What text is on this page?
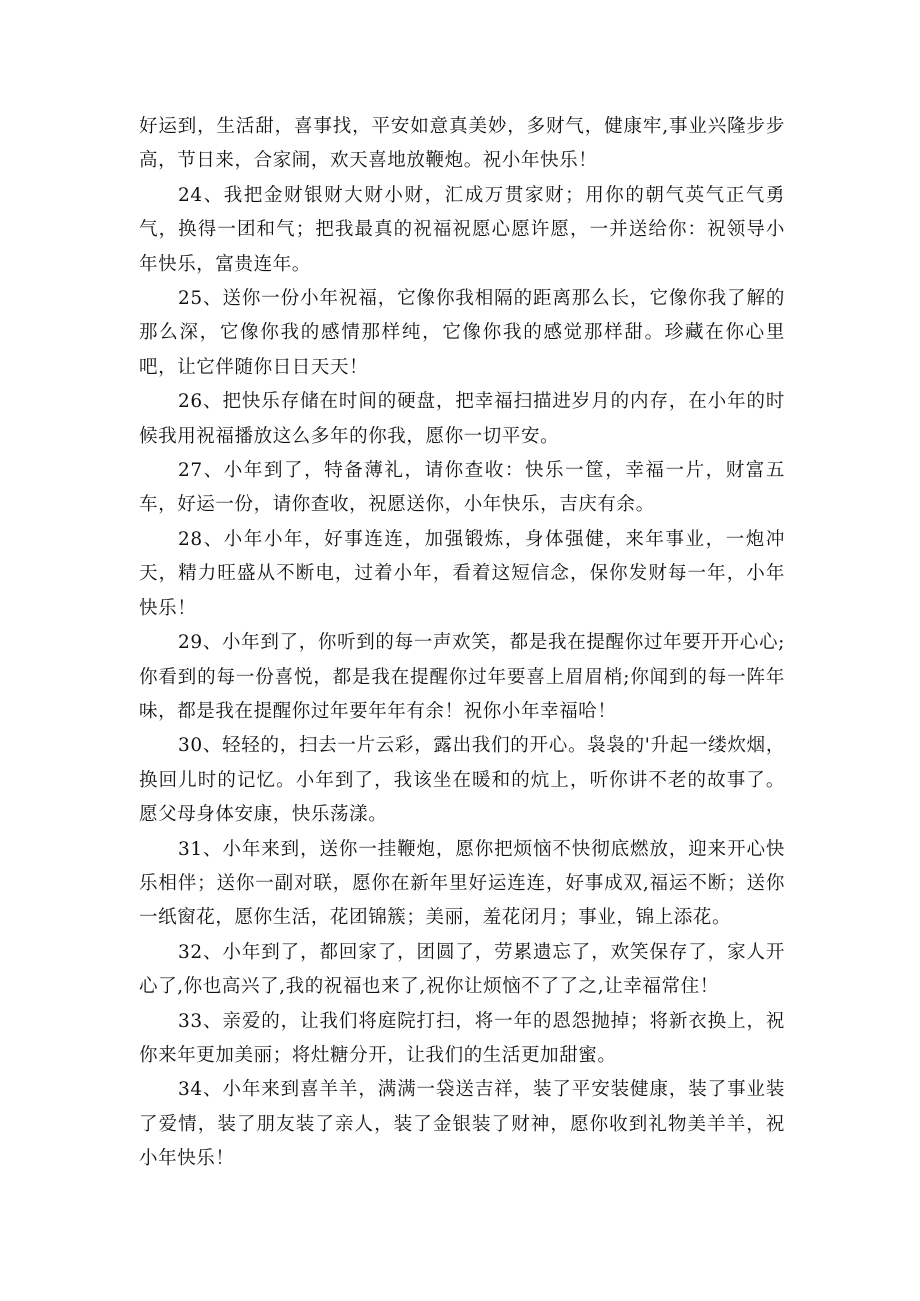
好运到，生活甜，喜事找，平安如意真美妙，多财气，健康牢,事业兴隆步步高，节日来，合家闹，欢天喜地放鞭炮。祝小年快乐！

24、我把金财银财大财小财，汇成万贯家财；用你的朝气英气正气勇气，换得一团和气；把我最真的祝福祝愿心愿许愿，一并送给你：祝领导小年快乐，富贵连年。

25、送你一份小年祝福，它像你我相隔的距离那么长，它像你我了解的那么深，它像你我的感情那样纯，它像你我的感觉那样甜。珍藏在你心里吧，让它伴随你日日天天！

26、把快乐存储在时间的硬盘，把幸福扫描进岁月的内存，在小年的时候我用祝福播放这么多年的你我，愿你一切平安。

27、小年到了，特备薄礼，请你查收：快乐一筐，幸福一片，财富五车，好运一份，请你查收，祝愿送你，小年快乐，吉庆有余。

28、小年小年，好事连连，加强锻炼，身体强健，来年事业，一炮冲天，精力旺盛从不断电，过着小年，看着这短信念，保你发财每一年，小年快乐！

29、小年到了，你听到的每一声欢笑，都是我在提醒你过年要开开心心;你看到的每一份喜悦，都是我在提醒你过年要喜上眉眉梢;你闻到的每一阵年味，都是我在提醒你过年要年年有余！祝你小年幸福哈！

30、轻轻的，扫去一片云彩，露出我们的开心。袅袅的'升起一缕炊烟，换回儿时的记忆。小年到了，我该坐在暖和的炕上，听你讲不老的故事了。愿父母身体安康，快乐荡漾。

31、小年来到，送你一挂鞭炮，愿你把烦恼不快彻底燃放，迎来开心快乐相伴；送你一副对联，愿你在新年里好运连连，好事成双,福运不断；送你一纸窗花，愿你生活，花团锦簇；美丽，羞花闭月；事业，锦上添花。

32、小年到了，都回家了，团圆了，劳累遗忘了，欢笑保存了，家人开心了,你也高兴了,我的祝福也来了,祝你让烦恼不了了之,让幸福常住！

33、亲爱的，让我们将庭院打扫，将一年的恩怨抛掉；将新衣换上，祝你来年更加美丽；将灶糖分开，让我们的生活更加甜蜜。

34、小年来到喜羊羊，满满一袋送吉祥，装了平安装健康，装了事业装了爱情，装了朋友装了亲人，装了金银装了财神，愿你收到礼物美羊羊，祝小年快乐！
